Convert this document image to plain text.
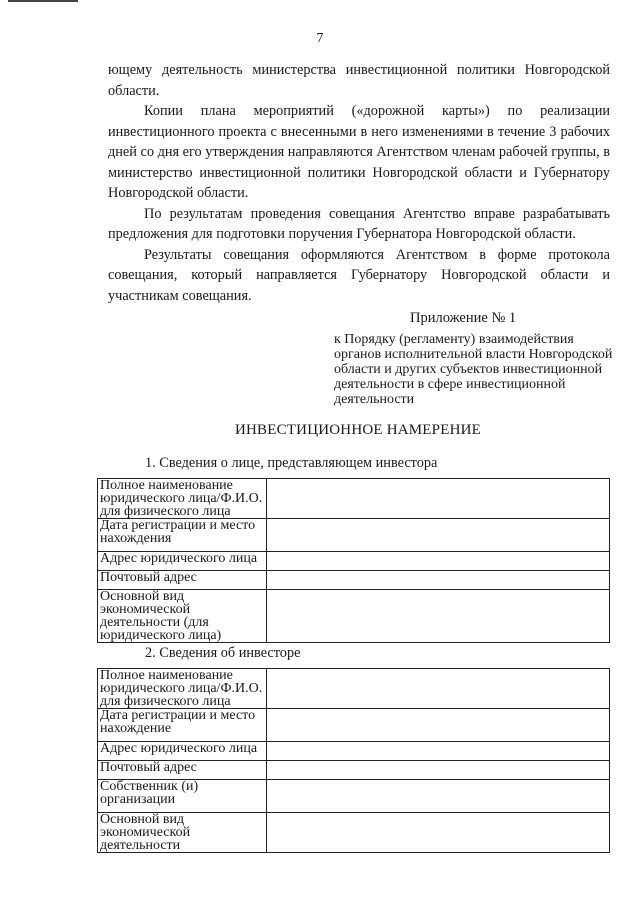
7

ющему деятельность министерства инвестиционной политики Новгородской области.

Копии плана мероприятий («дорожной карты») по реализации инвестиционного проекта с внесенными в него изменениями в течение 3 рабочих дней со дня его утверждения направляются Агентством членам рабочей группы, в министерство инвестиционной политики Новгородской области и Губернатору Новгородской области.

По результатам проведения совещания Агентство вправе разрабатывать предложения для подготовки поручения Губернатора Новгородской области.

Результаты совещания оформляются Агентством в форме протокола совещания, который направляется Губернатору Новгородской области и участникам совещания.

Приложение № 1
к Порядку (регламенту) взаимодействия органов исполнительной власти Новгородской области и других субъектов инвестиционной деятельности в сфере инвестиционной деятельности
ИНВЕСТИЦИОННОЕ НАМЕРЕНИЕ
1. Сведения о лице, представляющем инвестора
Полное наименование юридического лица/Ф.И.О. для физического лица	
Дата регистрации и место нахождения	
Адрес юридического лица	
Почтовый адрес	
Основной вид экономической деятельности (для юридического лица)	
2. Сведения об инвесторе
Полное наименование юридического лица/Ф.И.О. для физического лица	
Дата регистрации и место нахождение	
Адрес юридического лица	
Почтовый адрес	
Собственник (и) организации	
Основной вид экономической деятельности	
